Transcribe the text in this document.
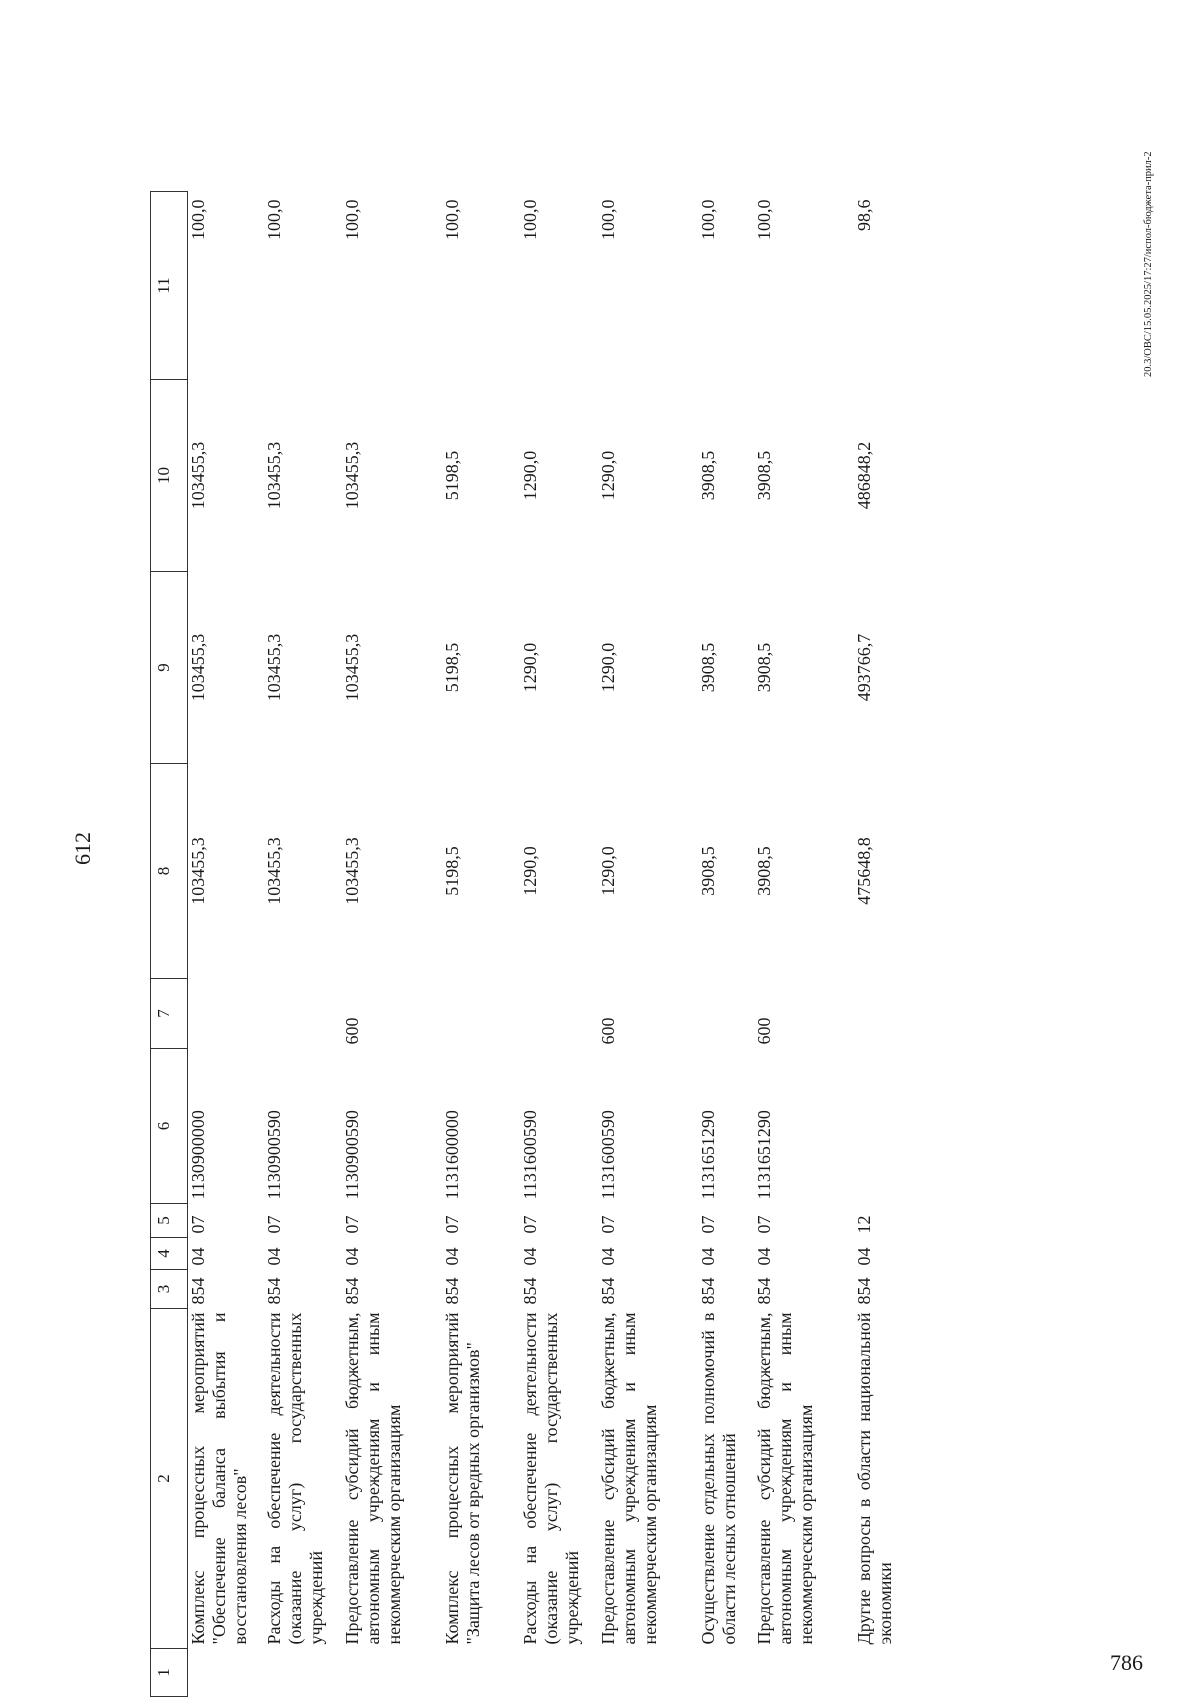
612
1	2	3	4	5	6	7	8	9	10	11
	Комплекс процессных мероприятий "Обеспечение баланса выбытия и восстановления лесов"	854	04	07	1130900000		103455,3	103455,3	103455,3	100,0
	Расходы на обеспечение деятельности (оказание услуг) государственных учреждений	854	04	07	1130900590		103455,3	103455,3	103455,3	100,0
	Предоставление субсидий бюджетным, автономным учреждениям и иным некоммерческим организациям	854	04	07	1130900590	600	103455,3	103455,3	103455,3	100,0
	Комплекс процессных мероприятий "Защита лесов от вредных организмов"	854	04	07	1131600000		5198,5	5198,5	5198,5	100,0
	Расходы на обеспечение деятельности (оказание услуг) государственных учреждений	854	04	07	1131600590		1290,0	1290,0	1290,0	100,0
	Предоставление субсидий бюджетным, автономным учреждениям и иным некоммерческим организациям	854	04	07	1131600590	600	1290,0	1290,0	1290,0	100,0
	Осуществление отдельных полномочий в области лесных отношений	854	04	07	1131651290		3908,5	3908,5	3908,5	100,0
	Предоставление субсидий бюджетным, автономным учреждениям и иным некоммерческим организациям	854	04	07	1131651290	600	3908,5	3908,5	3908,5	100,0
	Другие вопросы в области национальной экономики	854	04	12			475648,8	493766,7	486848,2	98,6	20.3/OBC/15.05.2025/17:27/испол-бюджета-прил-2
786
